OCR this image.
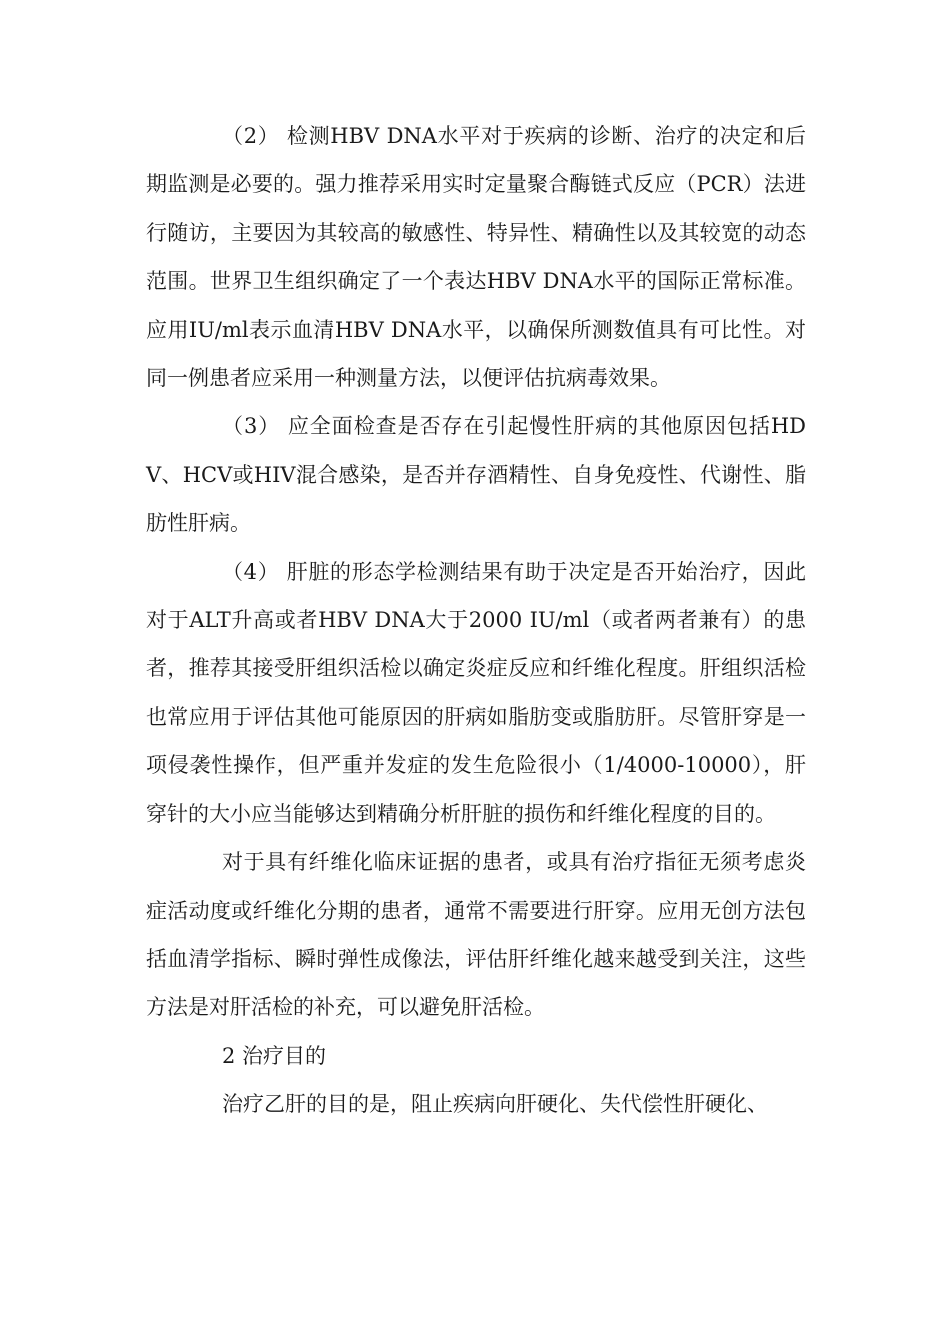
（2） 检测HBV DNA水平对于疾病的诊断、治疗的决定和后期监测是必要的。强力推荐采用实时定量聚合酶链式反应（PCR）法进行随访，主要因为其较高的敏感性、特异性、精确性以及其较宽的动态范围。世界卫生组织确定了一个表达HBV DNA水平的国际正常标准。应用IU/ml表示血清HBV DNA水平，以确保所测数值具有可比性。对同一例患者应采用一种测量方法，以便评估抗病毒效果。

（3） 应全面检查是否存在引起慢性肝病的其他原因包括HDV、HCV或HIV混合感染，是否并存酒精性、自身免疫性、代谢性、脂肪性肝病。

（4） 肝脏的形态学检测结果有助于决定是否开始治疗，因此对于ALT升高或者HBV DNA大于2000 IU/ml（或者两者兼有）的患者，推荐其接受肝组织活检以确定炎症反应和纤维化程度。肝组织活检也常应用于评估其他可能原因的肝病如脂肪变或脂肪肝。尽管肝穿是一项侵袭性操作，但严重并发症的发生危险很小（1/4000-10000），肝穿针的大小应当能够达到精确分析肝脏的损伤和纤维化程度的目的。

对于具有纤维化临床证据的患者，或具有治疗指征无须考虑炎症活动度或纤维化分期的患者，通常不需要进行肝穿。应用无创方法包括血清学指标、瞬时弹性成像法，评估肝纤维化越来越受到关注，这些方法是对肝活检的补充，可以避免肝活检。

2 治疗目的

治疗乙肝的目的是，阻止疾病向肝硬化、失代偿性肝硬化、
